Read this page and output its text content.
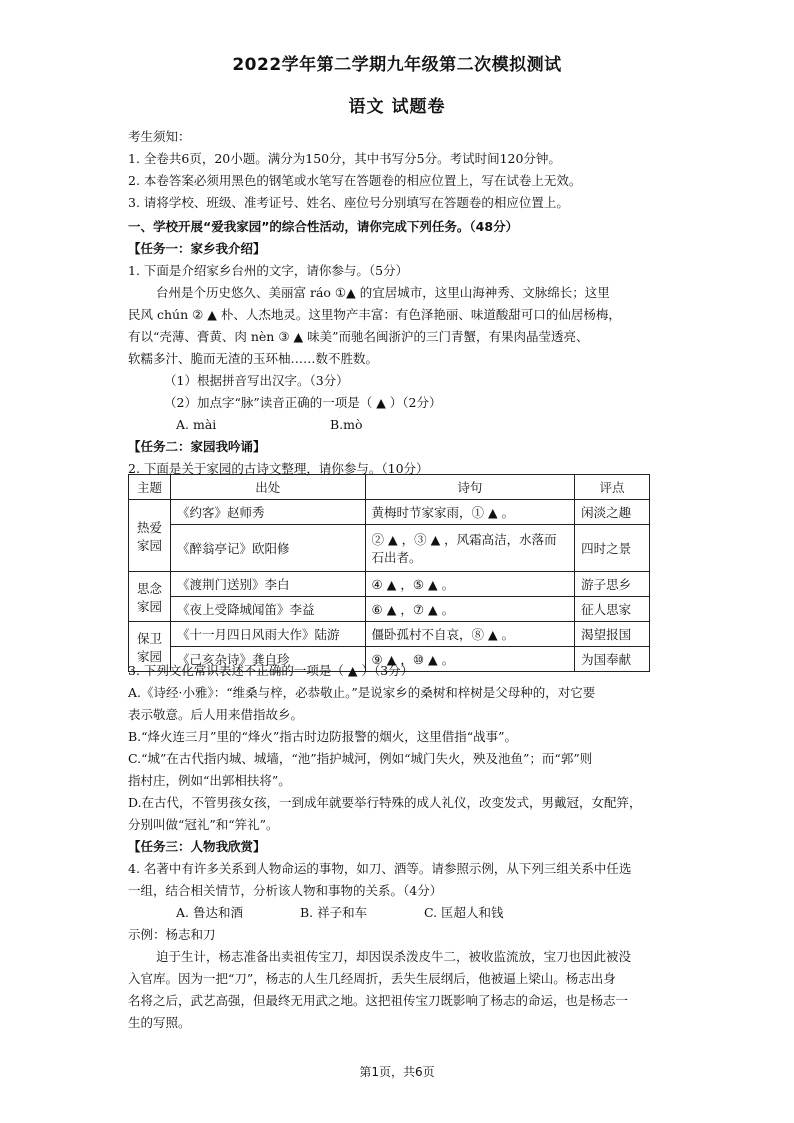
2022学年第二学期九年级第二次模拟测试
语文 试题卷
考生须知：
1. 全卷共6页，20小题。满分为150分，其中书写分5分。考试时间120分钟。
2. 本卷答案必须用黑色的钢笔或水笔写在答题卷的相应位置上，写在试卷上无效。
3. 请将学校、班级、准考证号、姓名、座位号分别填写在答题卷的相应位置上。
一、学校开展“爱我家园”的综合性活动，请你完成下列任务。（48分）
【任务一：家乡我介绍】
1. 下面是介绍家乡台州的文字，请你参与。（5分）
台州是个历史悠久、美丽富 ráo ①▲ 的宜居城市，这里山海神秀、文脉绵长；这里
民风 chún ② ▲ 朴、人杰地灵。这里物产丰富：有色泽艳丽、味道酸甜可口的仙居杨梅，
有以“壳薄、膏黄、肉 nèn ③ ▲ 味美”而驰名闽浙沪的三门青蟹，有果肉晶莹透亮、
软糯多汁、脆而无渣的玉环柚……数不胜数。
（1）根据拼音写出汉字。（3分）
（2）加点字“脉”读音正确的一项是（ ▲ ）（2分）
A. mài	B.mò
【任务二：家园我吟诵】
2. 下面是关于家园的古诗文整理，请你参与。（10分）
主题	出处	诗句	评点

热爱
家园	《约客》赵师秀	黄梅时节家家雨，① ▲ 。	闲淡之趣
	《醉翁亭记》欧阳修	② ▲ ，③ ▲ ，风霜高洁，水落而石出者。	四时之景

思念
家园	《渡荆门送别》李白	④ ▲ ，⑤ ▲ 。	游子思乡
	《夜上受降城闻笛》李益	⑥ ▲ ，⑦ ▲ 。	征人思家

保卫
家园	《十一月四日风雨大作》陆游	僵卧孤村不自哀，⑧ ▲ 。	渴望报国
	《己亥杂诗》龚自珍	⑨ ▲ ，⑩ ▲ 。	为国奉献
3. 下列文化常识表述不正确的一项是（ ▲ ）（3分）
A.《诗经·小雅》：“维桑与梓，必恭敬止。”是说家乡的桑树和梓树是父母种的，对它要
表示敬意。后人用来借指故乡。
B.“烽火连三月”里的“烽火”指古时边防报警的烟火，这里借指“战事”。
C.“城”在古代指内城、城墙，“池”指护城河，例如“城门失火，殃及池鱼”；而“郭”则
指村庄，例如“出郭相扶将”。
D.在古代，不管男孩女孩，一到成年就要举行特殊的成人礼仪，改变发式，男戴冠，女配笄，
分别叫做“冠礼”和“笄礼”。
【任务三：人物我欣赏】
4. 名著中有许多关系到人物命运的事物，如刀、酒等。请参照示例，从下列三组关系中任选
一组，结合相关情节，分析该人物和事物的关系。（4分）
A. 鲁达和酒	B. 祥子和车	C. 匡超人和钱
示例：杨志和刀
迫于生计，杨志准备出卖祖传宝刀，却因误杀泼皮牛二，被收监流放，宝刀也因此被没
入官库。因为一把“刀”，杨志的人生几经周折，丢失生辰纲后，他被逼上梁山。杨志出身
名将之后，武艺高强，但最终无用武之地。这把祖传宝刀既影响了杨志的命运，也是杨志一
生的写照。
第1页，共6页
